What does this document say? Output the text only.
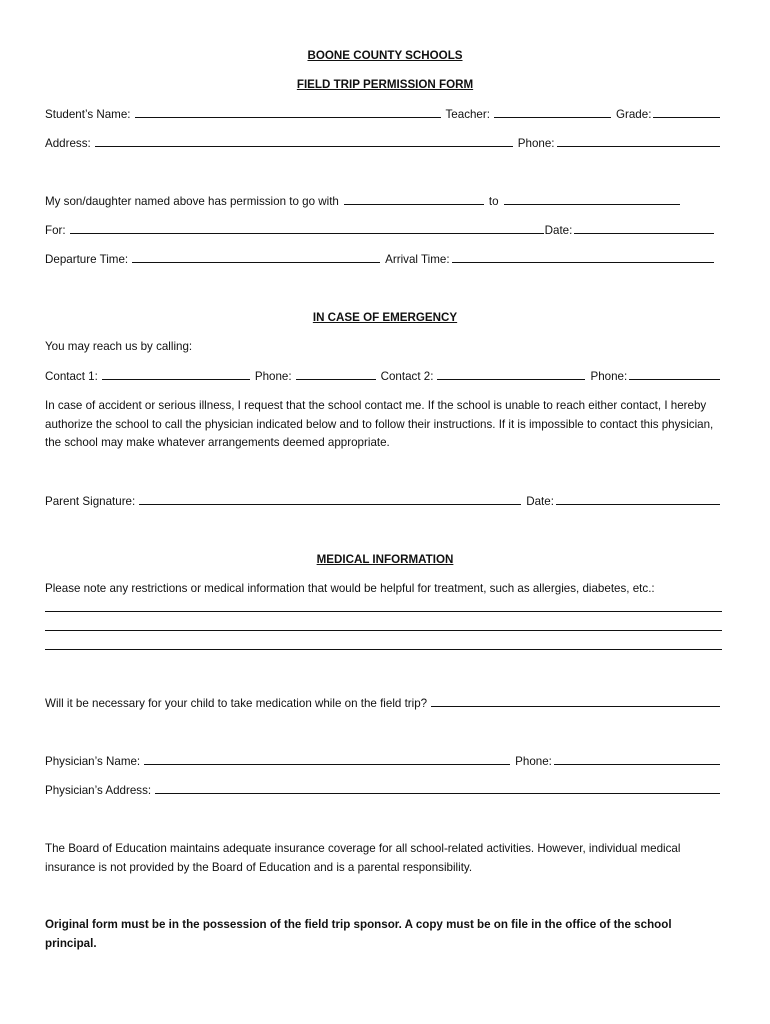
BOONE COUNTY SCHOOLS
FIELD TRIP PERMISSION FORM
Student’s Name:	Teacher:	Grade:
Address:	Phone:
My son/daughter named above has permission to go with	to
For:	Date:
Departure Time:	Arrival Time:
IN CASE OF EMERGENCY
You may reach us by calling:
Contact 1:	Phone:	Contact 2:	Phone:
In case of accident or serious illness, I request that the school contact me. If the school is unable to reach either contact, I hereby authorize the school to call the physician indicated below and to follow their instructions. If it is impossible to contact this physician, the school may make whatever arrangements deemed appropriate.
Parent Signature:	Date:
MEDICAL INFORMATION
Please note any restrictions or medical information that would be helpful for treatment, such as allergies, diabetes, etc.:
Will it be necessary for your child to take medication while on the field trip?
Physician’s Name:	Phone:
Physician’s Address:
The Board of Education maintains adequate insurance coverage for all school-related activities. However, individual medical insurance is not provided by the Board of Education and is a parental responsibility.
Original form must be in the possession of the field trip sponsor. A copy must be on file in the office of the school principal.
